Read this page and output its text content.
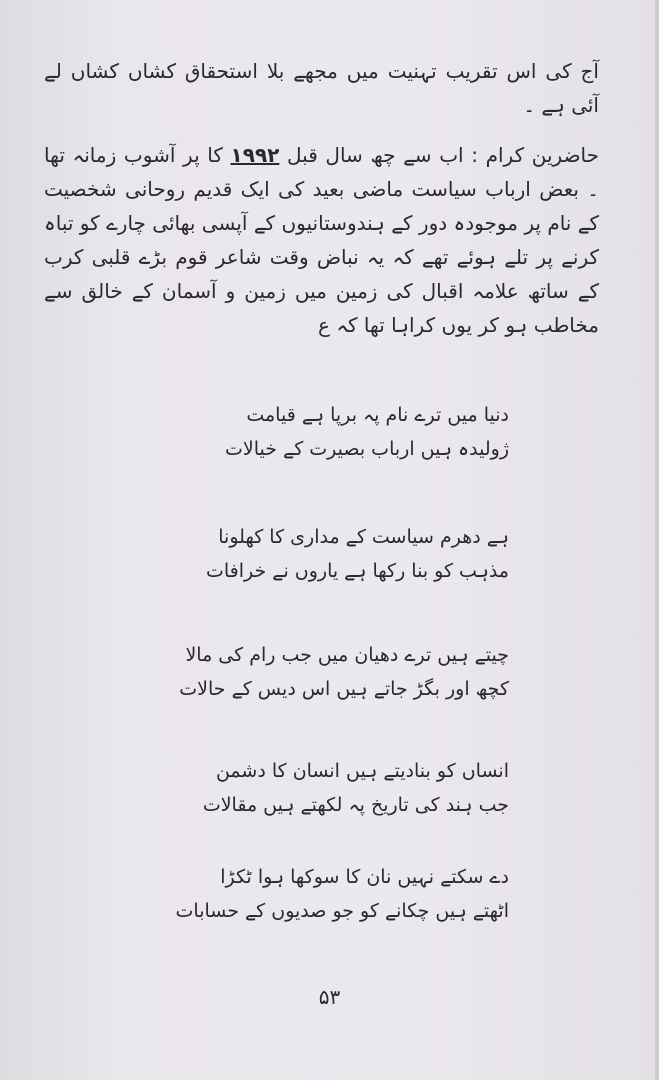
آج کی اس تقریب تہنیت میں مجھے بلا استحقاق کشاں کشاں لے آئی ہے ۔
حاضرین کرام : اب سے چھ سال قبل ۱۹۹۲ کا پر آشوب زمانہ تھا ۔ بعض ارباب سیاست ماضی بعید کی ایک قدیم روحانی شخصیت کے نام پر موجودہ دور کے ہندوستانیوں کے آپسی بھائی چارے کو تباہ کرنے پر تلے ہوئے تھے کہ یہ نباض وقت شاعر قوم بڑے قلبی کرب کے ساتھ علامہ اقبال کی زمین میں زمین و آسمان کے خالق سے مخاطب ہو کر یوں کراہا تھا کہ ع
دنیا میں ترے نام پہ برپا ہے قیامت
ژولیدہ ہیں ارباب بصیرت کے خیالات
ہے دھرم سیاست کے مداری کا کھلونا
مذہب کو بنا رکھا ہے یاروں نے خرافات
چیتے ہیں ترے دھیان میں جب رام کی مالا
کچھ اور بگڑ جاتے ہیں اس دیس کے حالات
انساں کو بنادیتے ہیں انسان کا دشمن
جب ہند کی تاریخ پہ لکھتے ہیں مقالات
دے سکتے نہیں نان کا سوکھا ہوا ٹکڑا
اٹھتے ہیں چکانے کو جو صدیوں کے حسابات
۵۳
